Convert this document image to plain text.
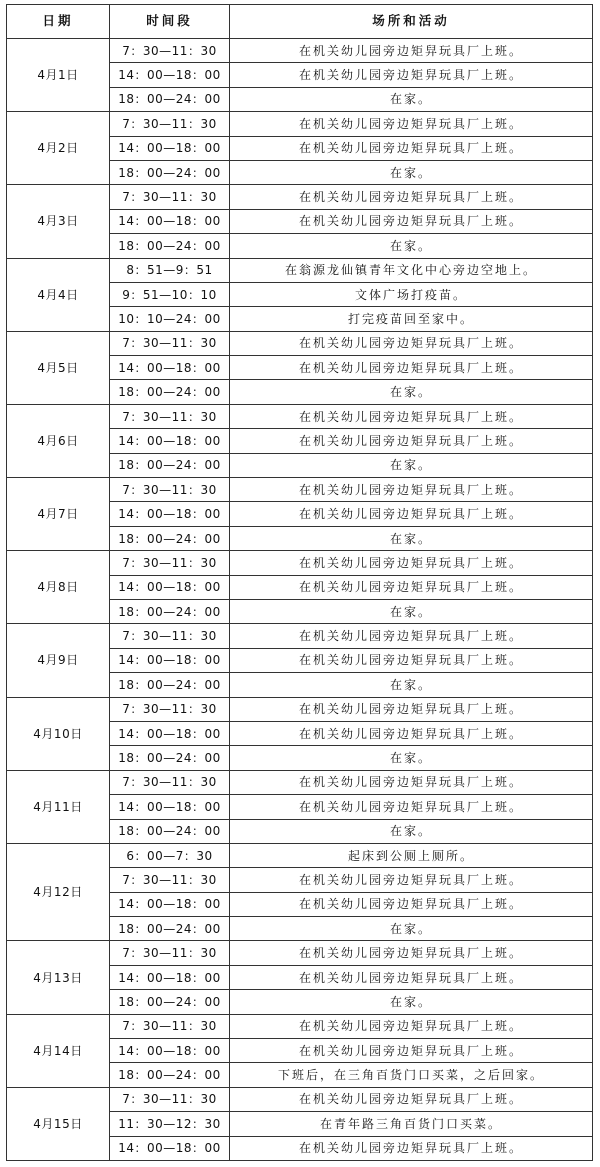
日期	时间段	场所和活动
4月1日	7：30—11：30	在机关幼儿园旁边矩舁玩具厂上班。
	14：00—18：00	在机关幼儿园旁边矩舁玩具厂上班。
	18：00—24：00	在家。
4月2日	7：30—11：30	在机关幼儿园旁边矩舁玩具厂上班。
	14：00—18：00	在机关幼儿园旁边矩舁玩具厂上班。
	18：00—24：00	在家。
4月3日	7：30—11：30	在机关幼儿园旁边矩舁玩具厂上班。
	14：00—18：00	在机关幼儿园旁边矩舁玩具厂上班。
	18：00—24：00	在家。
4月4日	8：51—9：51	在翁源龙仙镇青年文化中心旁边空地上。
	9：51—10：10	文体广场打疫苗。
	10：10—24：00	打完疫苗回至家中。
4月5日	7：30—11：30	在机关幼儿园旁边矩舁玩具厂上班。
	14：00—18：00	在机关幼儿园旁边矩舁玩具厂上班。
	18：00—24：00	在家。
4月6日	7：30—11：30	在机关幼儿园旁边矩舁玩具厂上班。
	14：00—18：00	在机关幼儿园旁边矩舁玩具厂上班。
	18：00—24：00	在家。
4月7日	7：30—11：30	在机关幼儿园旁边矩舁玩具厂上班。
	14：00—18：00	在机关幼儿园旁边矩舁玩具厂上班。
	18：00—24：00	在家。
4月8日	7：30—11：30	在机关幼儿园旁边矩舁玩具厂上班。
	14：00—18：00	在机关幼儿园旁边矩舁玩具厂上班。
	18：00—24：00	在家。
4月9日	7：30—11：30	在机关幼儿园旁边矩舁玩具厂上班。
	14：00—18：00	在机关幼儿园旁边矩舁玩具厂上班。
	18：00—24：00	在家。
4月10日	7：30—11：30	在机关幼儿园旁边矩舁玩具厂上班。
	14：00—18：00	在机关幼儿园旁边矩舁玩具厂上班。
	18：00—24：00	在家。
4月11日	7：30—11：30	在机关幼儿园旁边矩舁玩具厂上班。
	14：00—18：00	在机关幼儿园旁边矩舁玩具厂上班。
	18：00—24：00	在家。
4月12日	6：00—7：30	起床到公厕上厕所。
	7：30—11：30	在机关幼儿园旁边矩舁玩具厂上班。
	14：00—18：00	在机关幼儿园旁边矩舁玩具厂上班。
	18：00—24：00	在家。
4月13日	7：30—11：30	在机关幼儿园旁边矩舁玩具厂上班。
	14：00—18：00	在机关幼儿园旁边矩舁玩具厂上班。
	18：00—24：00	在家。
4月14日	7：30—11：30	在机关幼儿园旁边矩舁玩具厂上班。
	14：00—18：00	在机关幼儿园旁边矩舁玩具厂上班。
	18：00—24：00	下班后，在三角百货门口买菜，之后回家。
4月15日	7：30—11：30	在机关幼儿园旁边矩舁玩具厂上班。
	11：30—12：30	在青年路三角百货门口买菜。
	14：00—18：00	在机关幼儿园旁边矩舁玩具厂上班。
